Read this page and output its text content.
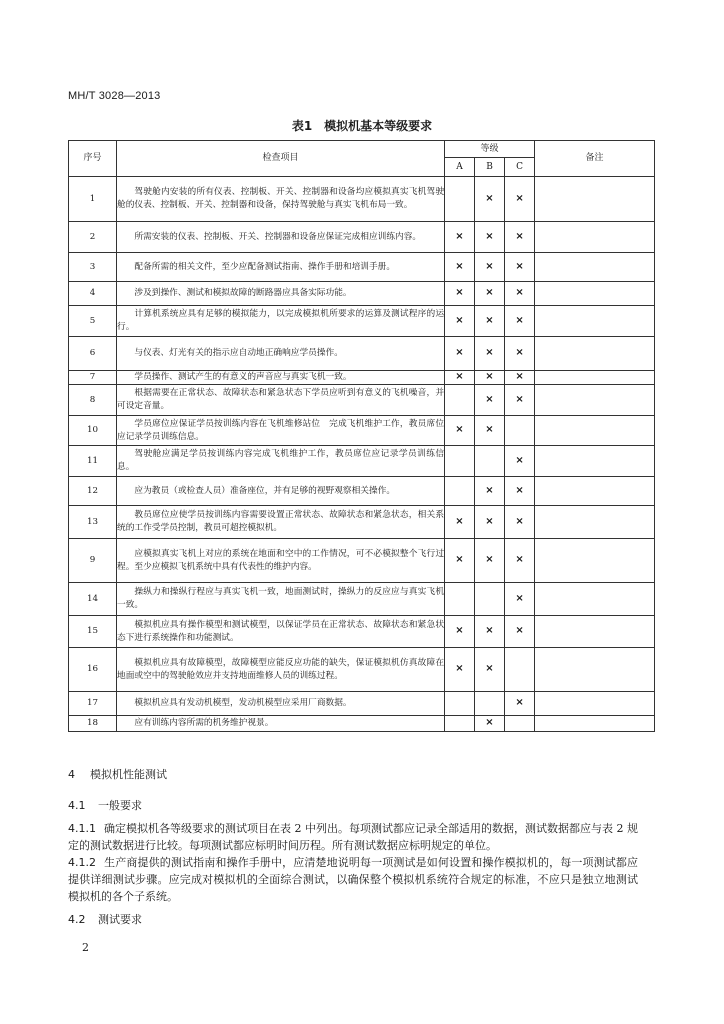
MH/T 3028—2013
表1　模拟机基本等级要求
序号	检查项目	等级			备注
		A	B	C	
1	驾驶舱内安装的所有仪表、控制板、开关、控制器和设备均应模拟真实飞机驾驶舱的仪表、控制板、开关、控制器和设备，保持驾驶舱与真实飞机布局一致。		×	×	
2	所需安装的仪表、控制板、开关、控制器和设备应保证完成相应训练内容。	×	×	×	
3	配备所需的相关文件，至少应配备测试指南、操作手册和培训手册。	×	×	×	
4	涉及到操作、测试和模拟故障的断路器应具备实际功能。	×	×	×	
5	计算机系统应具有足够的模拟能力，以完成模拟机所要求的运算及测试程序的运行。	×	×	×	
6	与仪表、灯光有关的指示应自动地正确响应学员操作。	×	×	×	
7	学员操作、测试产生的有意义的声音应与真实飞机一致。	×	×	×	
8	根据需要在正常状态、故障状态和紧急状态下学员应听到有意义的飞机噪音，并可设定音量。		×	×	
10	学员席位应保证学员按训练内容在飞机维修站位　完成飞机维护工作，教员席位应记录学员训练信息。	×	×		
11	驾驶舱应满足学员按训练内容完成飞机维护工作，教员席位应记录学员训练信息。			×	
12	应为教员（或检查人员）准备座位，并有足够的视野观察相关操作。		×	×	
13	教员席位应使学员按训练内容需要设置正常状态、故障状态和紧急状态，相关系统的工作受学员控制，教员可超控模拟机。	×	×	×	
9	应模拟真实飞机上对应的系统在地面和空中的工作情况，可不必模拟整个飞行过程。至少应模拟飞机系统中具有代表性的维护内容。	×	×	×	
14	操纵力和操纵行程应与真实飞机一致，地面测试时，操纵力的反应应与真实飞机一致。			×	
15	模拟机应具有操作模型和测试模型，以保证学员在正常状态、故障状态和紧急状态下进行系统操作和功能测试。	×	×	×	
16	模拟机应具有故障模型，故障模型应能反应功能的缺失，保证模拟机仿真故障在地面或空中的驾驶舱效应并支持地面维修人员的训练过程。	×	×		
17	模拟机应具有发动机模型，发动机模型应采用厂商数据。			×	
18	应有训练内容所需的机务维护视景。		×		
4 模拟机性能测试
4.1 一般要求
4.1.1 确定模拟机各等级要求的测试项目在表 2 中列出。每项测试都应记录全部适用的数据，测试数据都应与表 2 规定的测试数据进行比较。每项测试都应标明时间历程。所有测试数据应标明规定的单位。
4.1.2 生产商提供的测试指南和操作手册中，应清楚地说明每一项测试是如何设置和操作模拟机的，每一项测试都应提供详细测试步骤。应完成对模拟机的全面综合测试，以确保整个模拟机系统符合规定的标准，不应只是独立地测试模拟机的各个子系统。
4.2 测试要求
2
